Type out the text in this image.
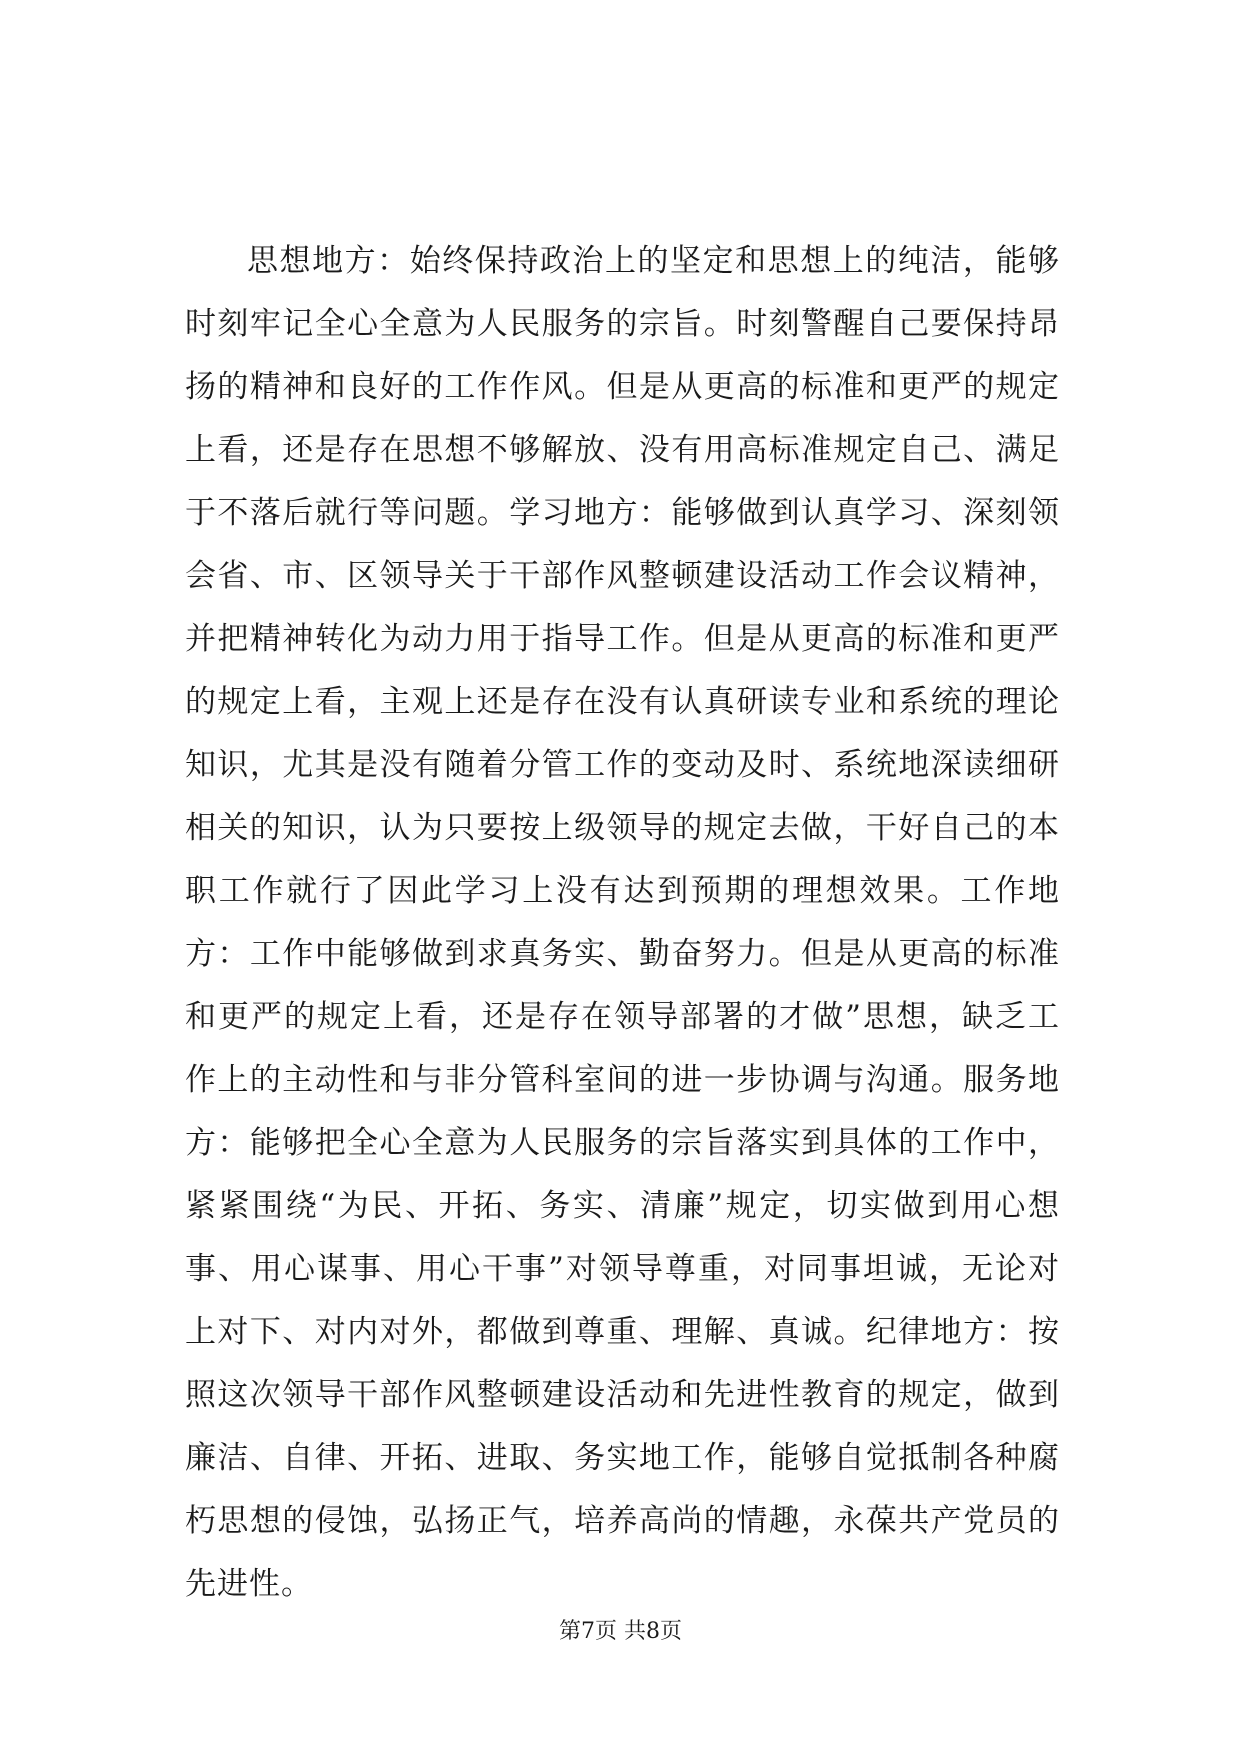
思想地方：始终保持政治上的坚定和思想上的纯洁，能够时刻牢记全心全意为人民服务的宗旨。时刻警醒自己要保持昂扬的精神和良好的工作作风。但是从更高的标准和更严的规定上看，还是存在思想不够解放、没有用高标准规定自己、满足于不落后就行等问题。学习地方：能够做到认真学习、深刻领会省、市、区领导关于干部作风整顿建设活动工作会议精神，并把精神转化为动力用于指导工作。但是从更高的标准和更严的规定上看，主观上还是存在没有认真研读专业和系统的理论知识，尤其是没有随着分管工作的变动及时、系统地深读细研相关的知识，认为只要按上级领导的规定去做，干好自己的本职工作就行了因此学习上没有达到预期的理想效果。工作地方：工作中能够做到求真务实、勤奋努力。但是从更高的标准和更严的规定上看，还是存在领导部署的才做”思想，缺乏工作上的主动性和与非分管科室间的进一步协调与沟通。服务地方：能够把全心全意为人民服务的宗旨落实到具体的工作中，紧紧围绕“为民、开拓、务实、清廉”规定，切实做到用心想事、用心谋事、用心干事”对领导尊重，对同事坦诚，无论对上对下、对内对外，都做到尊重、理解、真诚。纪律地方：按照这次领导干部作风整顿建设活动和先进性教育的规定，做到廉洁、自律、开拓、进取、务实地工作，能够自觉抵制各种腐朽思想的侵蚀，弘扬正气，培养高尚的情趣，永葆共产党员的先进性。

第7页 共8页
